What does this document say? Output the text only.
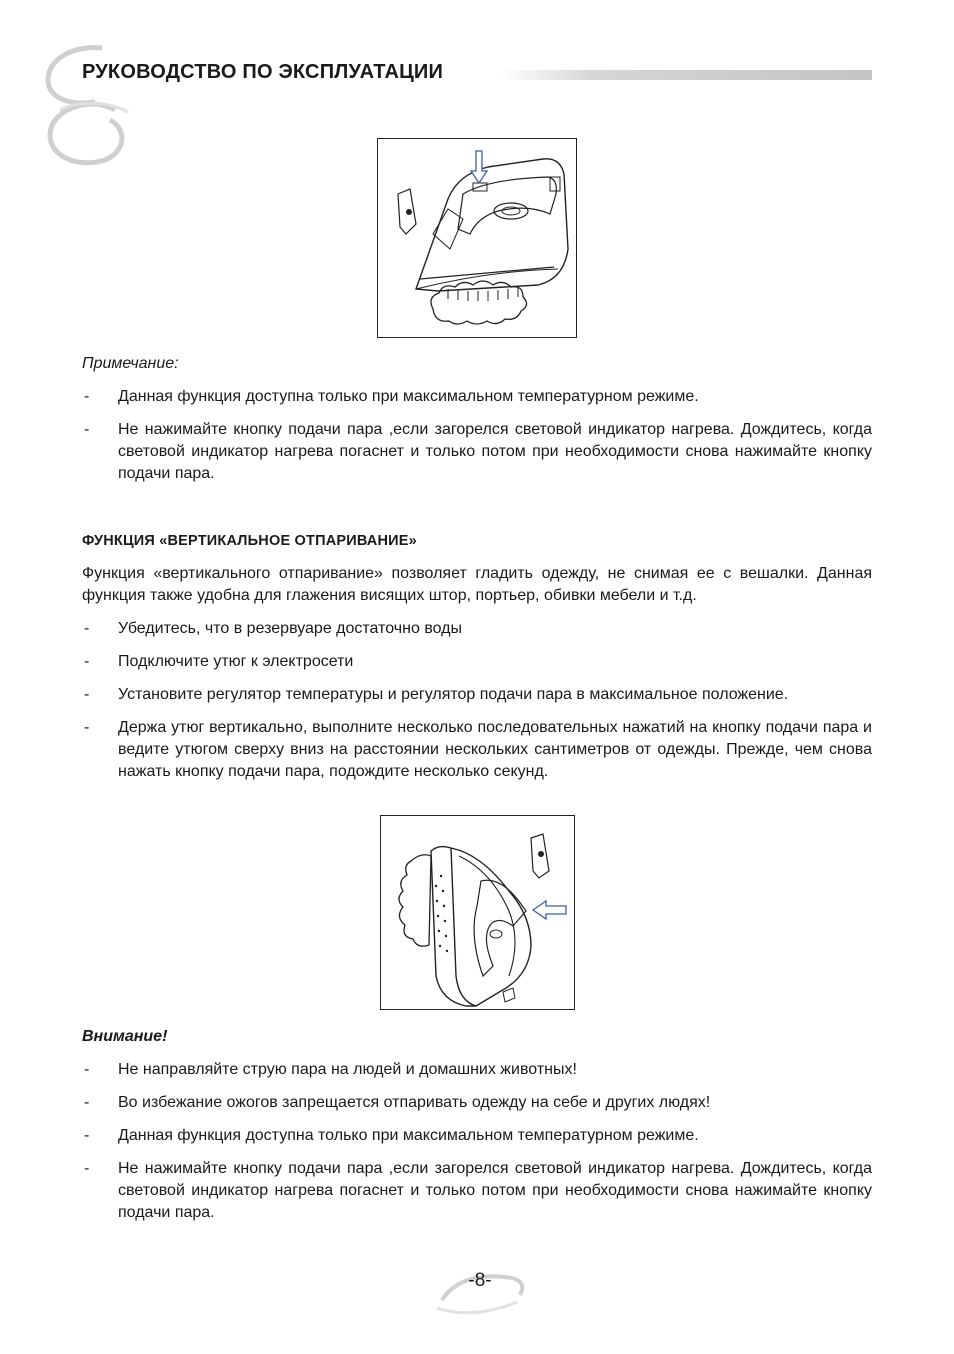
РУКОВОДСТВО ПО ЭКСПЛУАТАЦИИ
Примечание:
- Данная функция доступна только при максимальном температурном режиме.
- Не нажимайте кнопку подачи пара ,если загорелся световой индикатор нагрева. Дождитесь, когда световой индикатор нагрева погаснет и только потом при необходимости снова нажимайте кнопку подачи пара.
ФУНКЦИЯ «ВЕРТИКАЛЬНОЕ ОТПАРИВАНИЕ»
Функция «вертикального отпаривание» позволяет гладить одежду, не снимая ее с вешалки. Данная функция также удобна для глажения висящих штор, портьер, обивки мебели и т.д.
- Убедитесь, что в резервуаре достаточно воды
- Подключите утюг к электросети
- Установите регулятор температуры и регулятор подачи пара в максимальное положение.
- Держа утюг вертикально, выполните несколько последовательных нажатий на кнопку подачи пара и ведите утюгом сверху вниз на расстоянии нескольких сантиметров от одежды. Прежде, чем снова нажать кнопку подачи пара, подождите несколько секунд.
Внимание!
- Не направляйте струю пара на людей и домашних животных!
- Во избежание ожогов запрещается отпаривать одежду на себе и других людях!
- Данная функция доступна только при максимальном температурном режиме.
- Не нажимайте кнопку подачи пара ,если загорелся световой индикатор нагрева. Дождитесь, когда световой индикатор нагрева погаснет и только потом при необходимости снова нажимайте кнопку подачи пара.
-8-
